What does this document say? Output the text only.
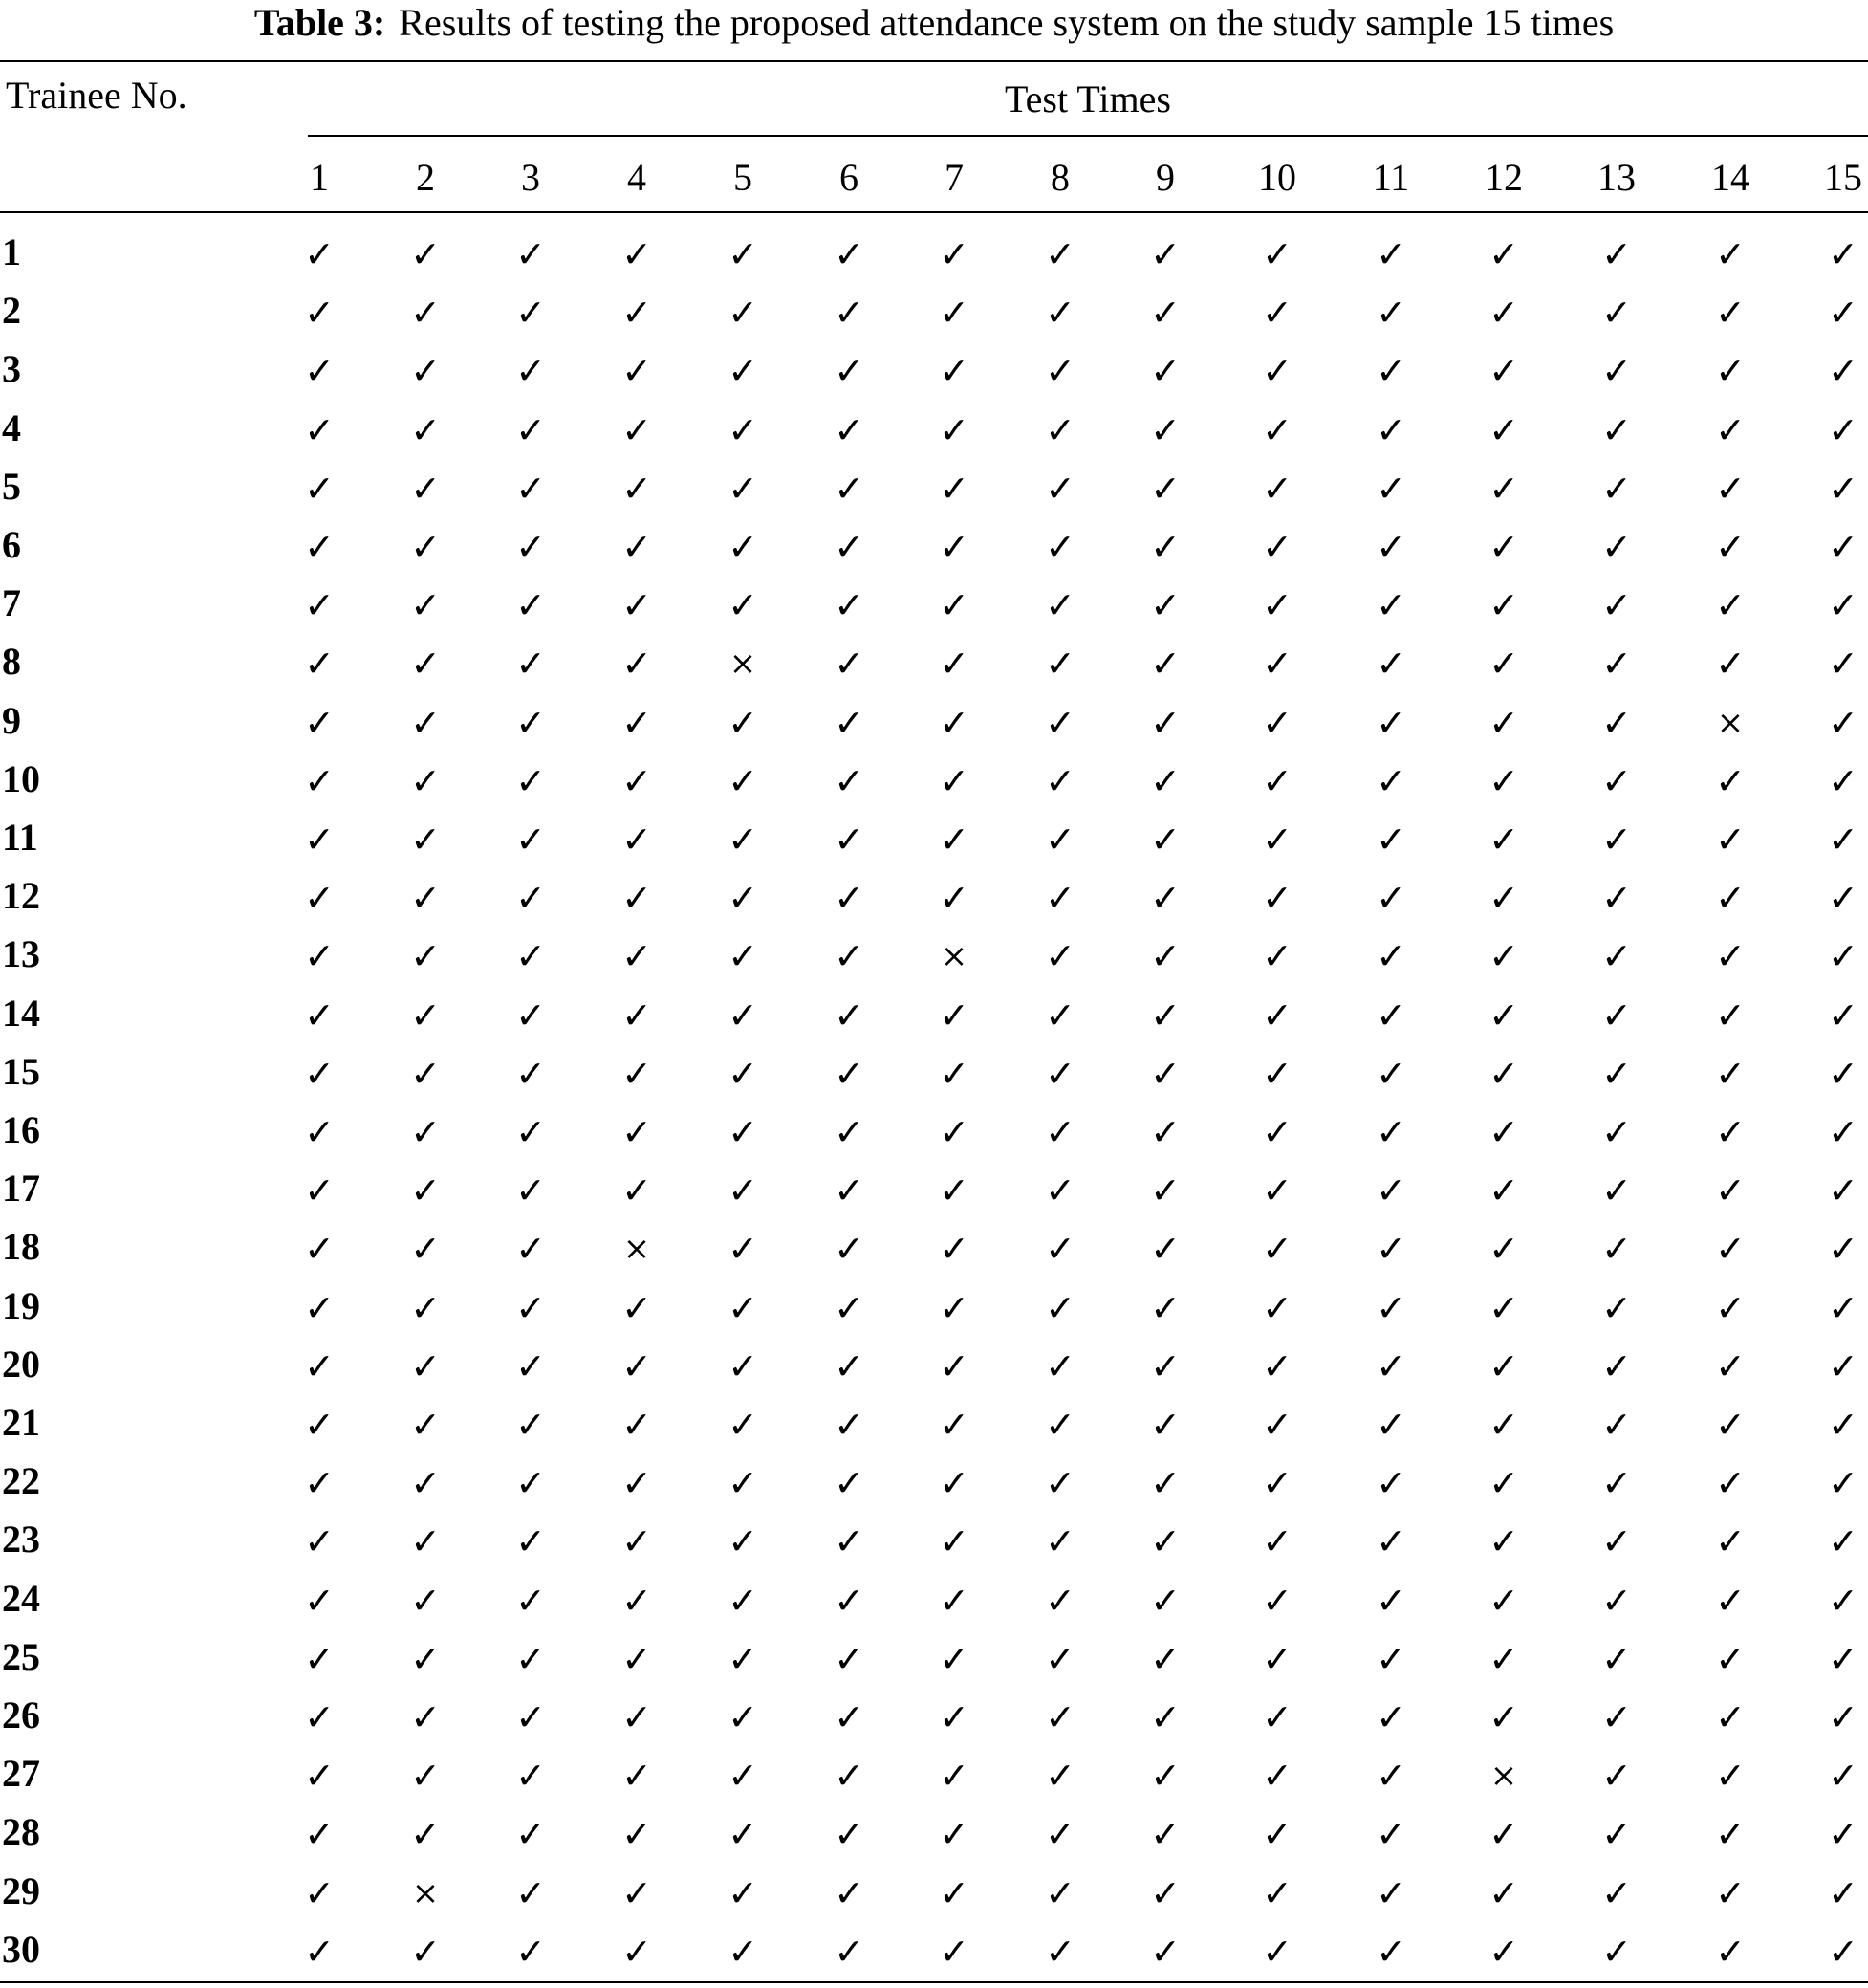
Table 3: Results of testing the proposed attendance system on the study sample 15 times
Trainee No.	Test Times
1 2 3 4 5 6 7 8 9 10 11 12 13 14 15
1	✓ ✓ ✓ ✓ ✓ ✓ ✓ ✓ ✓ ✓ ✓ ✓ ✓ ✓ ✓
2	✓ ✓ ✓ ✓ ✓ ✓ ✓ ✓ ✓ ✓ ✓ ✓ ✓ ✓ ✓
3	✓ ✓ ✓ ✓ ✓ ✓ ✓ ✓ ✓ ✓ ✓ ✓ ✓ ✓ ✓
4	✓ ✓ ✓ ✓ ✓ ✓ ✓ ✓ ✓ ✓ ✓ ✓ ✓ ✓ ✓
5	✓ ✓ ✓ ✓ ✓ ✓ ✓ ✓ ✓ ✓ ✓ ✓ ✓ ✓ ✓
6	✓ ✓ ✓ ✓ ✓ ✓ ✓ ✓ ✓ ✓ ✓ ✓ ✓ ✓ ✓
7	✓ ✓ ✓ ✓ ✓ ✓ ✓ ✓ ✓ ✓ ✓ ✓ ✓ ✓ ✓
8	✓ ✓ ✓ ✓ × ✓ ✓ ✓ ✓ ✓ ✓ ✓ ✓ ✓ ✓
9	✓ ✓ ✓ ✓ ✓ ✓ ✓ ✓ ✓ ✓ ✓ ✓ ✓	× ✓
10	✓ ✓ ✓ ✓ ✓ ✓ ✓ ✓ ✓ ✓ ✓ ✓ ✓ ✓ ✓
11	✓ ✓ ✓ ✓ ✓ ✓ ✓ ✓ ✓ ✓ ✓ ✓ ✓ ✓ ✓
12	✓ ✓ ✓ ✓ ✓ ✓ ✓ ✓ ✓ ✓ ✓ ✓ ✓ ✓ ✓
13	✓ ✓ ✓ ✓ ✓ ✓ × ✓ ✓ ✓ ✓ ✓ ✓ ✓ ✓
14	✓ ✓ ✓ ✓ ✓ ✓ ✓ ✓ ✓ ✓ ✓ ✓ ✓ ✓ ✓
15	✓ ✓ ✓ ✓ ✓ ✓ ✓ ✓ ✓ ✓ ✓ ✓ ✓ ✓ ✓
16	✓ ✓ ✓ ✓ ✓ ✓ ✓ ✓ ✓ ✓ ✓ ✓ ✓ ✓ ✓
17	✓ ✓ ✓ ✓ ✓ ✓ ✓ ✓ ✓ ✓ ✓ ✓ ✓ ✓ ✓
18	✓ ✓ ✓ × ✓ ✓ ✓ ✓ ✓ ✓ ✓ ✓ ✓ ✓ ✓
19	✓ ✓ ✓ ✓ ✓ ✓ ✓ ✓ ✓ ✓ ✓ ✓ ✓ ✓ ✓
20	✓ ✓ ✓ ✓ ✓ ✓ ✓ ✓ ✓ ✓ ✓ ✓ ✓ ✓ ✓
21	✓ ✓ ✓ ✓ ✓ ✓ ✓ ✓ ✓ ✓ ✓ ✓ ✓ ✓ ✓
22	✓ ✓ ✓ ✓ ✓ ✓ ✓ ✓ ✓ ✓ ✓ ✓ ✓ ✓ ✓
23	✓ ✓ ✓ ✓ ✓ ✓ ✓ ✓ ✓ ✓ ✓ ✓ ✓ ✓ ✓
24	✓ ✓ ✓ ✓ ✓ ✓ ✓ ✓ ✓ ✓ ✓ ✓ ✓ ✓ ✓
25	✓ ✓ ✓ ✓ ✓ ✓ ✓ ✓ ✓ ✓ ✓ ✓ ✓ ✓ ✓
26	✓ ✓ ✓ ✓ ✓ ✓ ✓ ✓ ✓ ✓ ✓ ✓ ✓ ✓ ✓
27	✓ ✓ ✓ ✓ ✓ ✓ ✓ ✓ ✓ ✓ ✓	× ✓ ✓ ✓
28	✓ ✓ ✓ ✓ ✓ ✓ ✓ ✓ ✓ ✓ ✓ ✓ ✓ ✓ ✓
29	✓ × ✓ ✓ ✓ ✓ ✓ ✓ ✓ ✓ ✓ ✓ ✓ ✓ ✓
30	✓ ✓ ✓ ✓ ✓ ✓ ✓ ✓ ✓ ✓ ✓ ✓ ✓ ✓ ✓
